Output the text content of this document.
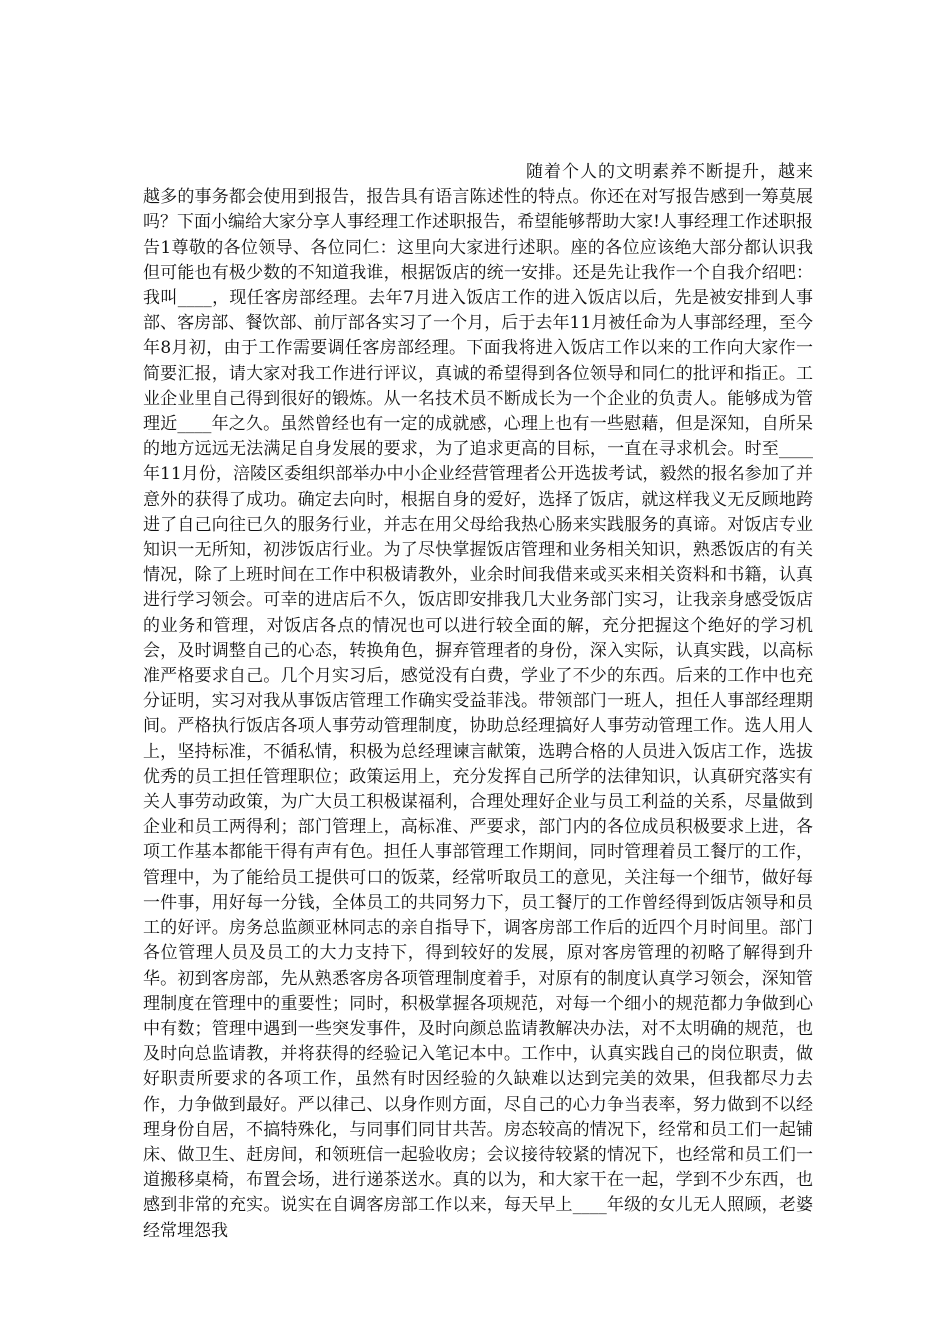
随着个人的文明素养不断提升，越来越多的事务都会使用到报告，报告具有语言陈述性的特点。你还在对写报告感到一筹莫展吗？下面小编给大家分享人事经理工作述职报告，希望能够帮助大家!人事经理工作述职报告1尊敬的各位领导、各位同仁：这里向大家进行述职。座的各位应该绝大部分都认识我但可能也有极少数的不知道我谁，根据饭店的统一安排。还是先让我作一个自我介绍吧：我叫____，现任客房部经理。去年7月进入饭店工作的进入饭店以后，先是被安排到人事部、客房部、餐饮部、前厅部各实习了一个月，后于去年11月被任命为人事部经理，至今年8月初，由于工作需要调任客房部经理。下面我将进入饭店工作以来的工作向大家作一简要汇报，请大家对我工作进行评议，真诚的希望得到各位领导和同仁的批评和指正。工业企业里自己得到很好的锻炼。从一名技术员不断成长为一个企业的负责人。能够成为管理近____年之久。虽然曾经也有一定的成就感，心理上也有一些慰藉，但是深知，自所呆的地方远远无法满足自身发展的要求，为了追求更高的目标，一直在寻求机会。时至____年11月份，涪陵区委组织部举办中小企业经营管理者公开选拔考试，毅然的报名参加了并意外的获得了成功。确定去向时，根据自身的爱好，选择了饭店，就这样我义无反顾地跨进了自己向往已久的服务行业，并志在用父母给我热心肠来实践服务的真谛。对饭店专业知识一无所知，初涉饭店行业。为了尽快掌握饭店管理和业务相关知识，熟悉饭店的有关情况，除了上班时间在工作中积极请教外，业余时间我借来或买来相关资料和书籍，认真进行学习领会。可幸的进店后不久，饭店即安排我几大业务部门实习，让我亲身感受饭店的业务和管理，对饭店各点的情况也可以进行较全面的解，充分把握这个绝好的学习机会，及时调整自己的心态，转换角色，摒弃管理者的身份，深入实际，认真实践，以高标准严格要求自己。几个月实习后，感觉没有白费，学业了不少的东西。后来的工作中也充分证明，实习对我从事饭店管理工作确实受益菲浅。带领部门一班人，担任人事部经理期间。严格执行饭店各项人事劳动管理制度，协助总经理搞好人事劳动管理工作。选人用人上，坚持标准，不循私情，积极为总经理谏言献策，选聘合格的人员进入饭店工作，选拔优秀的员工担任管理职位；政策运用上，充分发挥自己所学的法律知识，认真研究落实有关人事劳动政策，为广大员工积极谋福利，合理处理好企业与员工利益的关系，尽量做到企业和员工两得利；部门管理上，高标准、严要求，部门内的各位成员积极要求上进，各项工作基本都能干得有声有色。担任人事部管理工作期间，同时管理着员工餐厅的工作，管理中，为了能给员工提供可口的饭菜，经常听取员工的意见，关注每一个细节，做好每一件事，用好每一分钱，全体员工的共同努力下，员工餐厅的工作曾经得到饭店领导和员工的好评。房务总监颜亚林同志的亲自指导下，调客房部工作后的近四个月时间里。部门各位管理人员及员工的大力支持下，得到较好的发展，原对客房管理的初略了解得到升华。初到客房部，先从熟悉客房各项管理制度着手，对原有的制度认真学习领会，深知管理制度在管理中的重要性；同时，积极掌握各项规范，对每一个细小的规范都力争做到心中有数；管理中遇到一些突发事件，及时向颜总监请教解决办法，对不太明确的规范，也及时向总监请教，并将获得的经验记入笔记本中。工作中，认真实践自己的岗位职责，做好职责所要求的各项工作，虽然有时因经验的久缺难以达到完美的效果，但我都尽力去作，力争做到最好。严以律己、以身作则方面，尽自己的心力争当表率，努力做到不以经理身份自居，不搞特殊化，与同事们同甘共苦。房态较高的情况下，经常和员工们一起铺床、做卫生、赶房间，和领班信一起验收房；会议接待较紧的情况下，也经常和员工们一道搬移桌椅，布置会场，进行递茶送水。真的以为，和大家干在一起，学到不少东西，也感到非常的充实。说实在自调客房部工作以来，每天早上____年级的女儿无人照顾，老婆经常埋怨我
